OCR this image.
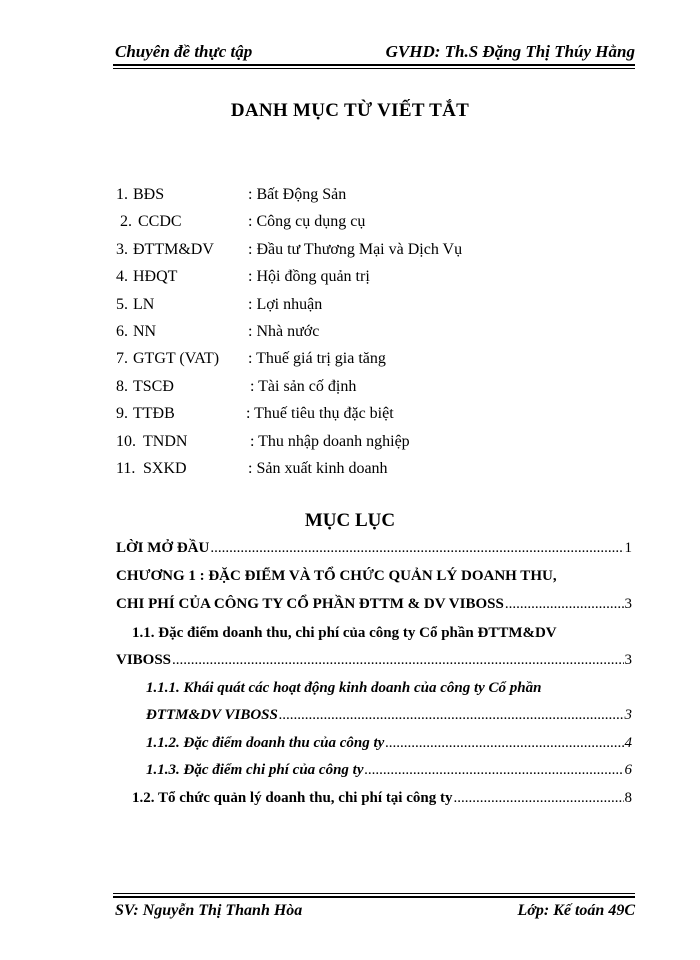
Chuyên đề thực tập	GVHD: Th.S Đặng Thị Thúy Hằng
DANH MỤC TỪ VIẾT TẮT
1. BĐS	: Bất Động Sản
2. CCDC	: Công cụ dụng cụ
3. ĐTTM&DV : Đầu tư Thương Mại và Dịch Vụ
4. HĐQT	: Hội đồng quản trị
5. LN	: Lợi nhuận
6. NN	: Nhà nước
7. GTGT (VAT) : Thuế giá trị gia tăng
8. TSCĐ	: Tài sản cố định
9. TTĐB	: Thuế tiêu thụ đặc biệt
10. TNDN	: Thu nhập doanh nghiệp
11. SXKD	: Sản xuất kinh doanh
MỤC LỤC
LỜI MỞ ĐẦU .....	1
CHƯƠNG 1 : ĐẶC ĐIỂM VÀ TỔ CHỨC QUẢN LÝ DOANH THU,
CHI PHÍ CỦA CÔNG TY CỔ PHẦN ĐTTM & DV VIBOSS .....	3
1.1. Đặc điểm doanh thu, chi phí của công ty Cổ phần ĐTTM&DV
VIBOSS .....	3
1.1.1. Khái quát các hoạt động kinh doanh của công ty Cổ phần
ĐTTM&DV VIBOSS .....	3
1.1.2. Đặc điểm doanh thu của công ty .....	4
1.1.3. Đặc điểm chi phí của công ty .....	6
1.2. Tổ chức quản lý doanh thu, chi phí tại công ty .....	8
SV: Nguyễn Thị Thanh Hòa	Lớp: Kế toán 49C
